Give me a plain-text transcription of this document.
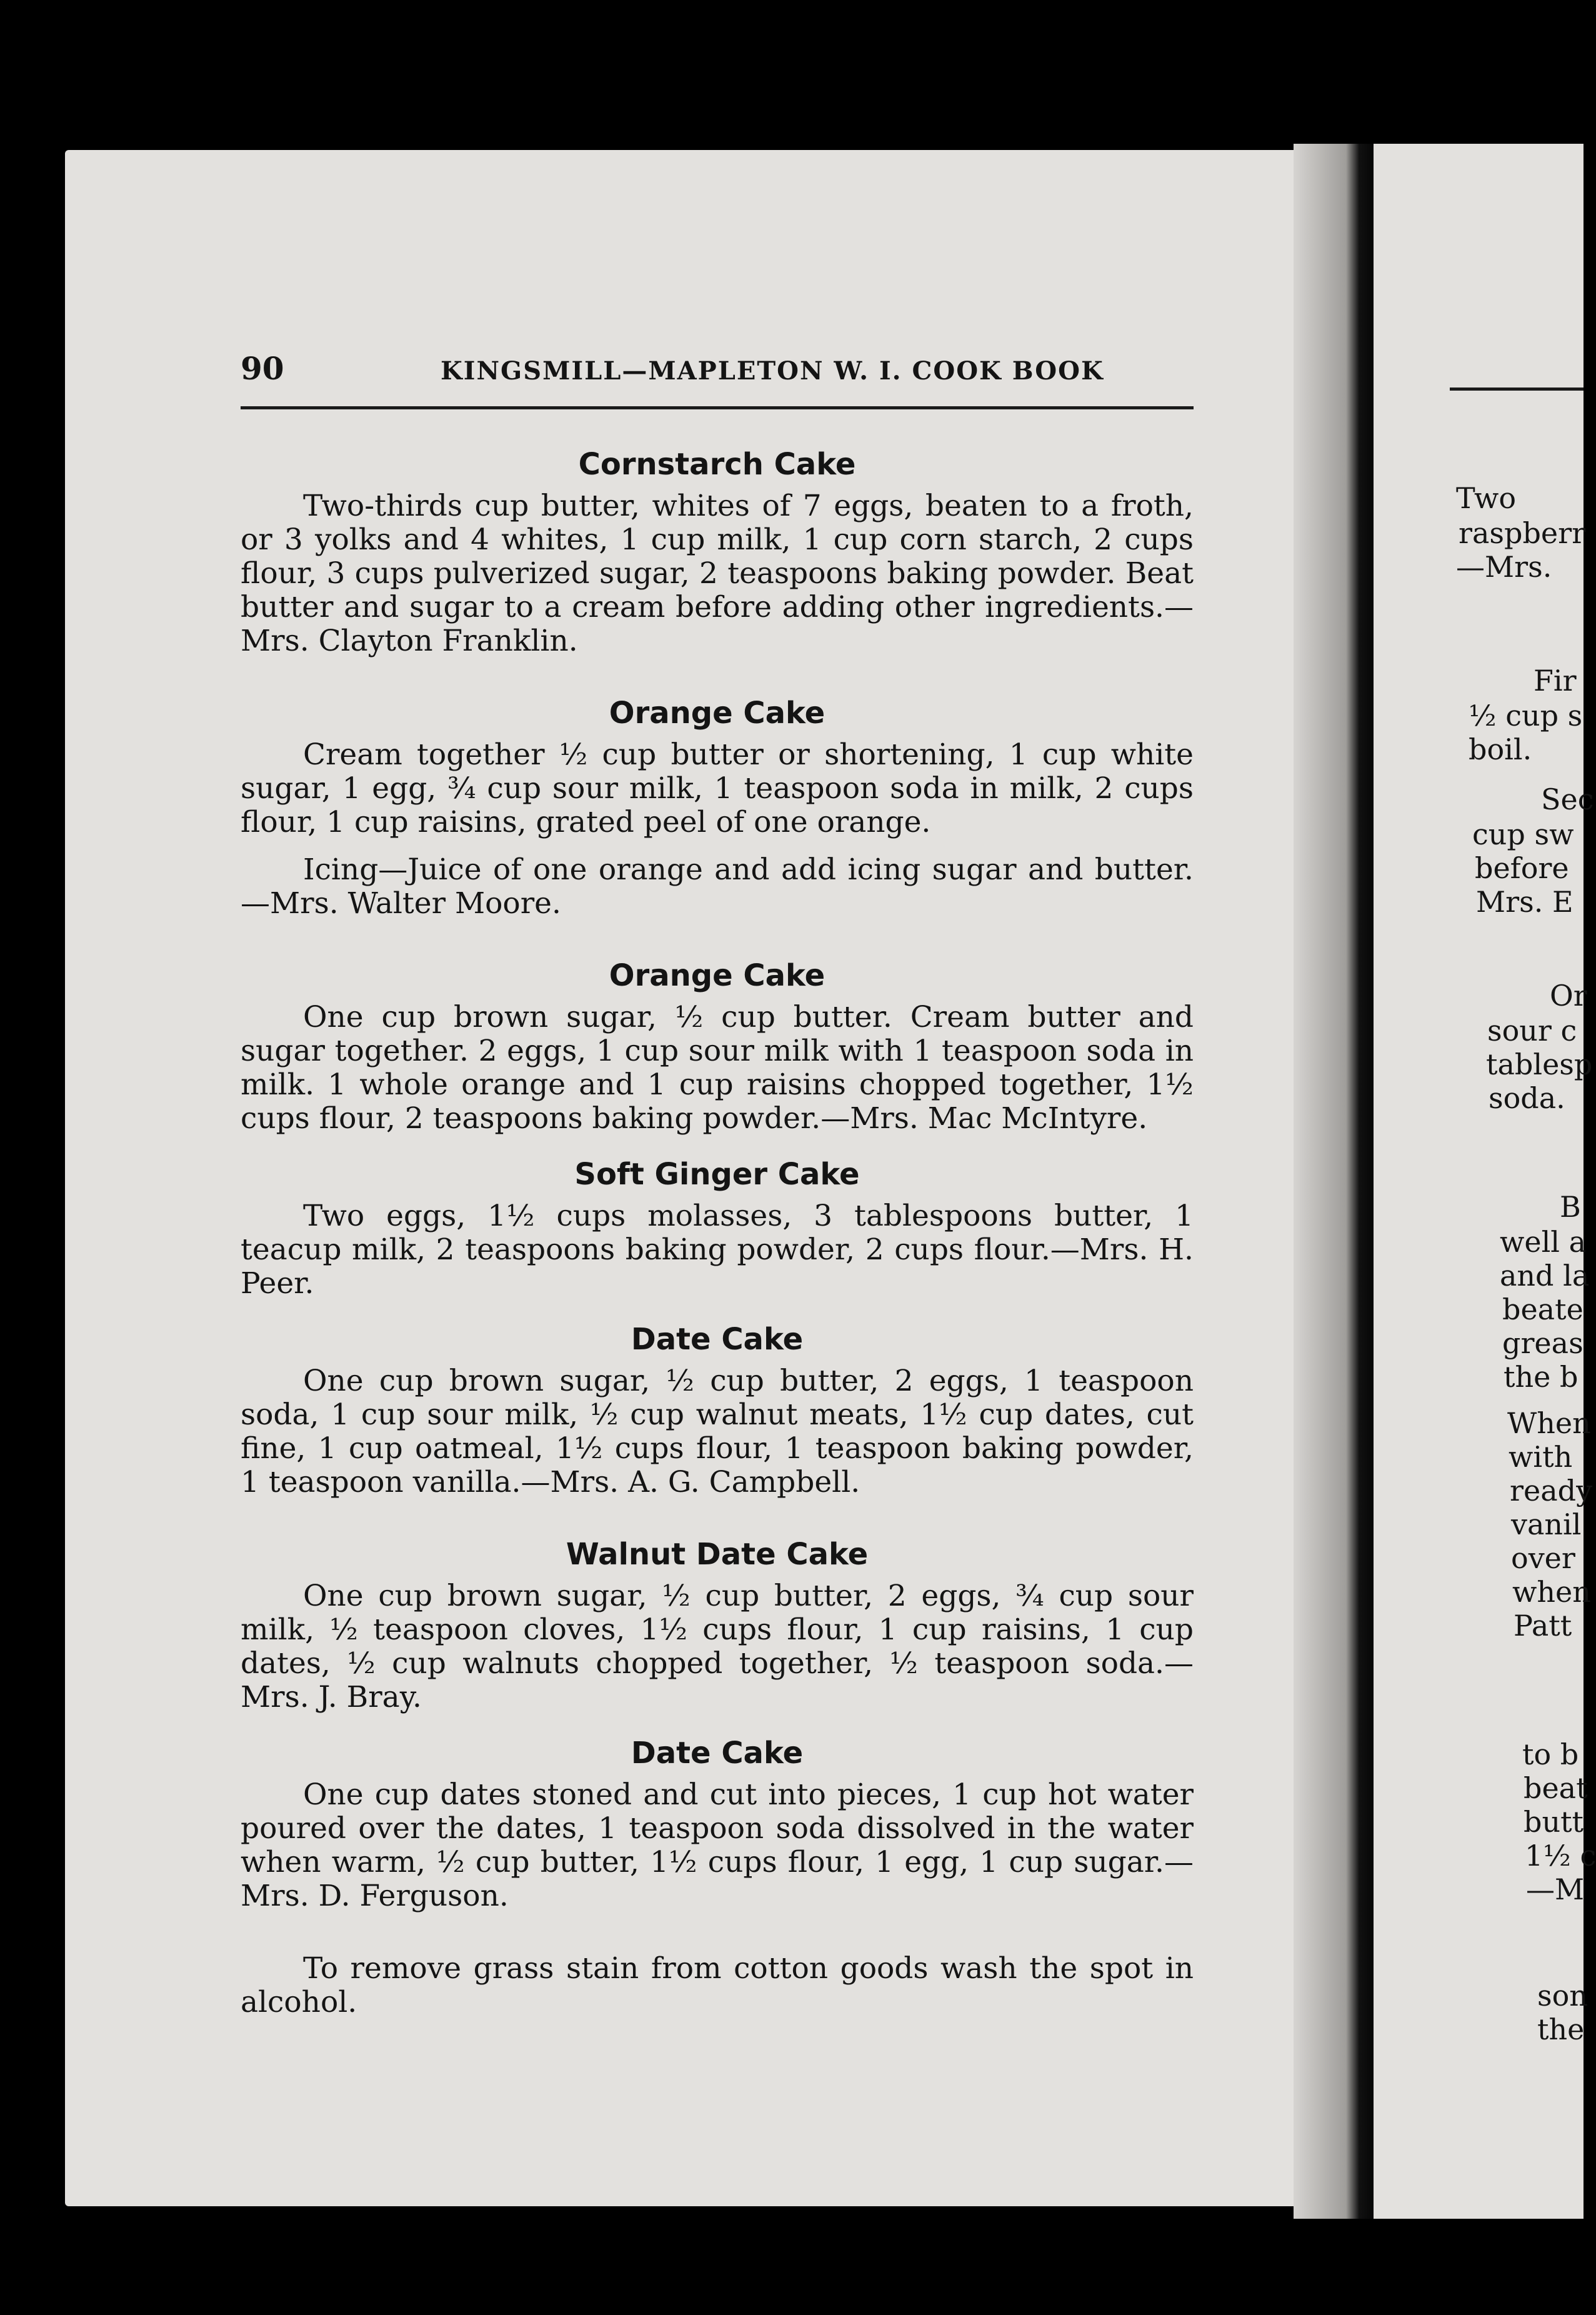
90	KINGSMILL—MAPLETON W. I. COOK BOOK
Cornstarch Cake

Two-thirds cup butter, whites of 7 eggs, beaten to a froth, or 3 yolks and 4 whites, 1 cup milk, 1 cup corn starch, 2 cups flour, 3 cups pulverized sugar, 2 teaspoons baking powder. Beat butter and sugar to a cream before adding other ingredients.—Mrs. Clayton Franklin.

Orange Cake

Cream together ½ cup butter or shortening, 1 cup white sugar, 1 egg, ¾ cup sour milk, 1 teaspoon soda in milk, 2 cups flour, 1 cup raisins, grated peel of one orange.

Icing—Juice of one orange and add icing sugar and butter.—Mrs. Walter Moore.

Orange Cake

One cup brown sugar, ½ cup butter. Cream butter and sugar together. 2 eggs, 1 cup sour milk with 1 teaspoon soda in milk. 1 whole orange and 1 cup raisins chopped together, 1½ cups flour, 2 teaspoons baking powder.—Mrs. Mac McIntyre.

Soft Ginger Cake

Two eggs, 1½ cups molasses, 3 tablespoons butter, 1 teacup milk, 2 teaspoons baking powder, 2 cups flour.—Mrs. H. Peer.

Date Cake

One cup brown sugar, ½ cup butter, 2 eggs, 1 teaspoon soda, 1 cup sour milk, ½ cup walnut meats, 1½ cup dates, cut fine, 1 cup oatmeal, 1½ cups flour, 1 teaspoon baking powder, 1 teaspoon vanilla.—Mrs. A. G. Campbell.

Walnut Date Cake

One cup brown sugar, ½ cup butter, 2 eggs, ¾ cup sour milk, ½ teaspoon cloves, 1½ cups flour, 1 cup raisins, 1 cup dates, ½ cup walnuts chopped together, ½ teaspoon soda.—Mrs. J. Bray.

Date Cake

One cup dates stoned and cut into pieces, 1 cup hot water poured over the dates, 1 teaspoon soda dissolved in the water when warm, ½ cup butter, 1½ cups flour, 1 egg, 1 cup sugar.—Mrs. D. Ferguson.

To remove grass stain from cotton goods wash the spot in alcohol.

Two
raspberr
—Mrs.
Fir
½ cup s
boil.
Sec
cup sw
before
Mrs. E
Or
sour c
tablesp
soda.
B
well a
and la
beate
greas
the b
When
with
ready
vanil
over
when
Patt
to b
beat
butt
1½ c
—M
son
the
